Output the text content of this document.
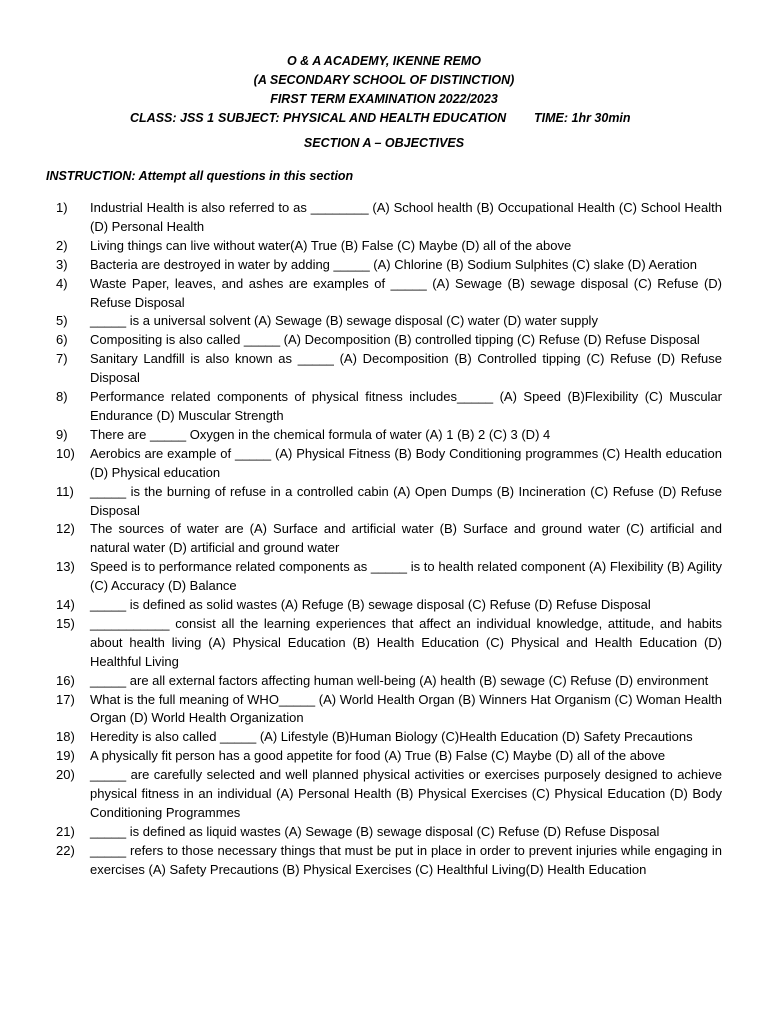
O & A ACADEMY, IKENNE REMO
(A SECONDARY SCHOOL OF DISTINCTION)
FIRST TERM EXAMINATION 2022/2023
CLASS: JSS 1 SUBJECT: PHYSICAL AND HEALTH EDUCATION TIME: 1hr 30min
SECTION A – OBJECTIVES
INSTRUCTION: Attempt all questions in this section
1)	Industrial Health is also referred to as ________ (A) School health (B) Occupational Health (C) School Health (D) Personal Health
2)	Living things can live without water(A) True (B) False (C) Maybe (D) all of the above
3)	Bacteria are destroyed in water by adding _____ (A) Chlorine (B) Sodium Sulphites (C) slake (D) Aeration
4)	Waste Paper, leaves, and ashes are examples of _____ (A) Sewage (B) sewage disposal (C) Refuse (D) Refuse Disposal
5)	_____ is a universal solvent (A) Sewage (B) sewage disposal (C) water (D) water supply
6)	Compositing is also called _____ (A) Decomposition (B) controlled tipping (C) Refuse (D) Refuse Disposal
7)	Sanitary Landfill is also known as _____ (A) Decomposition (B) Controlled tipping (C) Refuse (D) Refuse Disposal
8)	Performance related components of physical fitness includes_____ (A) Speed (B)Flexibility (C) Muscular Endurance (D) Muscular Strength
9)	There are _____ Oxygen in the chemical formula of water (A) 1 (B) 2 (C) 3 (D) 4
10)	Aerobics are example of _____ (A) Physical Fitness (B) Body Conditioning programmes (C) Health education (D) Physical education
11)	_____ is the burning of refuse in a controlled cabin (A) Open Dumps (B) Incineration (C) Refuse (D) Refuse Disposal
12)	The sources of water are (A) Surface and artificial water (B) Surface and ground water (C) artificial and natural water (D) artificial and ground water
13)	Speed is to performance related components as _____ is to health related component (A) Flexibility (B) Agility (C) Accuracy (D) Balance
14)	_____ is defined as solid wastes (A) Refuge (B) sewage disposal (C) Refuse (D) Refuse Disposal
15)	___________ consist all the learning experiences that affect an individual knowledge, attitude, and habits about health living (A) Physical Education (B) Health Education (C) Physical and Health Education (D) Healthful Living
16)	_____ are all external factors affecting human well-being (A) health (B) sewage (C) Refuse (D) environment
17)	What is the full meaning of WHO_____ (A) World Health Organ (B) Winners Hat Organism (C) Woman Health Organ (D) World Health Organization
18)	Heredity is also called _____ (A) Lifestyle (B)Human Biology (C)Health Education (D) Safety Precautions
19)	A physically fit person has a good appetite for food (A) True (B) False (C) Maybe (D) all of the above
20)	_____ are carefully selected and well planned physical activities or exercises purposely designed to achieve physical fitness in an individual (A) Personal Health (B) Physical Exercises (C) Physical Education (D) Body Conditioning Programmes
21)	_____ is defined as liquid wastes (A) Sewage (B) sewage disposal (C) Refuse (D) Refuse Disposal
22)	_____ refers to those necessary things that must be put in place in order to prevent injuries while engaging in exercises (A) Safety Precautions (B) Physical Exercises (C) Healthful Living(D) Health Education
